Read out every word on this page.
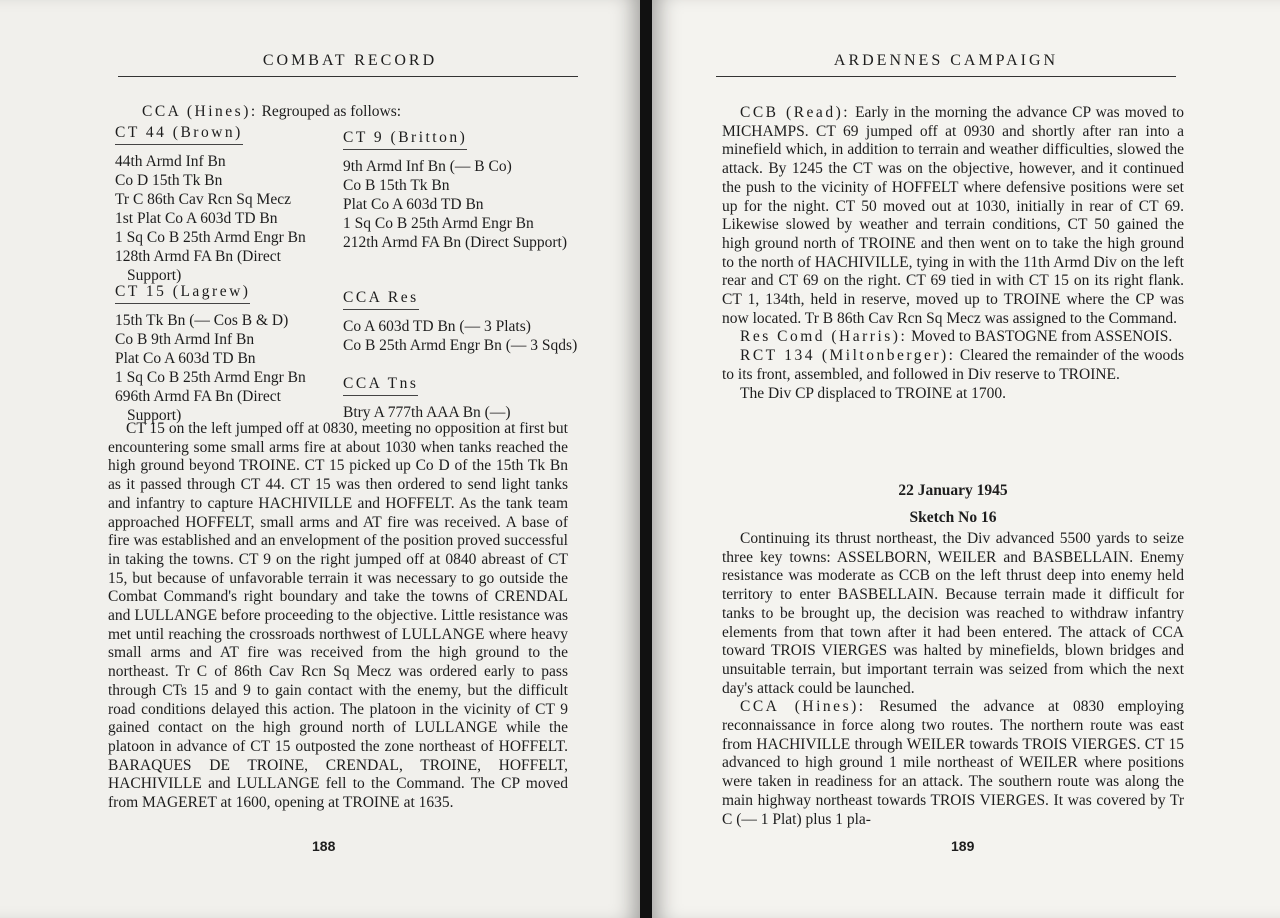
COMBAT RECORD
CCA (Hines): Regrouped as follows:
CT 44 (Brown)

44th Armd Inf Bn

Co D 15th Tk Bn

Tr C 86th Cav Rcn Sq Mecz

1st Plat Co A 603d TD Bn

1 Sq Co B 25th Armd Engr Bn

128th Armd FA Bn (Direct Support)

CT 9 (Britton)

9th Armd Inf Bn (— B Co)

Co B 15th Tk Bn

Plat Co A 603d TD Bn

1 Sq Co B 25th Armd Engr Bn

212th Armd FA Bn (Direct Support)

CT 15 (Lagrew)

15th Tk Bn (— Cos B & D)

Co B 9th Armd Inf Bn

Plat Co A 603d TD Bn

1 Sq Co B 25th Armd Engr Bn

696th Armd FA Bn (Direct Support)

CCA Res

Co A 603d TD Bn (— 3 Plats)

Co B 25th Armd Engr Bn (— 3 Sqds)

CCA Tns

Btry A 777th AAA Bn (—)

CT 15 on the left jumped off at 0830, meeting no opposition at first but encountering some small arms fire at about 1030 when tanks reached the high ground beyond TROINE. CT 15 picked up Co D of the 15th Tk Bn as it passed through CT 44. CT 15 was then ordered to send light tanks and infantry to capture HACHIVILLE and HOFFELT. As the tank team approached HOFFELT, small arms and AT fire was received. A base of fire was established and an envelopment of the position proved successful in taking the towns. CT 9 on the right jumped off at 0840 abreast of CT 15, but because of unfavorable terrain it was necessary to go outside the Combat Command's right boundary and take the towns of CRENDAL and LULLANGE before proceeding to the objective. Little resistance was met until reaching the crossroads northwest of LULLANGE where heavy small arms and AT fire was received from the high ground to the northeast. Tr C of 86th Cav Rcn Sq Mecz was ordered early to pass through CTs 15 and 9 to gain contact with the enemy, but the difficult road conditions delayed this action. The platoon in the vicinity of CT 9 gained contact on the high ground north of LULLANGE while the platoon in advance of CT 15 outposted the zone northeast of HOFFELT. BARAQUES DE TROINE, CRENDAL, TROINE, HOFFELT, HACHIVILLE and LULLANGE fell to the Command. The CP moved from MAGERET at 1600, opening at TROINE at 1635.

188
ARDENNES CAMPAIGN

CCB (Read): Early in the morning the advance CP was moved to MICHAMPS. CT 69 jumped off at 0930 and shortly after ran into a minefield which, in addition to terrain and weather difficulties, slowed the attack. By 1245 the CT was on the objective, however, and it continued the push to the vicinity of HOFFELT where defensive positions were set up for the night. CT 50 moved out at 1030, initially in rear of CT 69. Likewise slowed by weather and terrain conditions, CT 50 gained the high ground north of TROINE and then went on to take the high ground to the north of HACHIVILLE, tying in with the 11th Armd Div on the left rear and CT 69 on the right. CT 69 tied in with CT 15 on its right flank. CT 1, 134th, held in reserve, moved up to TROINE where the CP was now located. Tr B 86th Cav Rcn Sq Mecz was assigned to the Command.

Res Comd (Harris): Moved to BASTOGNE from ASSENOIS.

RCT 134 (Miltonberger): Cleared the remainder of the woods to its front, assembled, and followed in Div reserve to TROINE.

The Div CP displaced to TROINE at 1700.

22 January 1945

Sketch No 16

Continuing its thrust northeast, the Div advanced 5500 yards to seize three key towns: ASSELBORN, WEILER and BASBELLAIN. Enemy resistance was moderate as CCB on the left thrust deep into enemy held territory to enter BASBELLAIN. Because terrain made it difficult for tanks to be brought up, the decision was reached to withdraw infantry elements from that town after it had been entered. The attack of CCA toward TROIS VIERGES was halted by minefields, blown bridges and unsuitable terrain, but important terrain was seized from which the next day's attack could be launched.

CCA (Hines): Resumed the advance at 0830 employing reconnaissance in force along two routes. The northern route was east from HACHIVILLE through WEILER towards TROIS VIERGES. CT 15 advanced to high ground 1 mile northeast of WEILER where positions were taken in readiness for an attack. The southern route was along the main highway northeast towards TROIS VIERGES. It was covered by Tr C (— 1 Plat) plus 1 pla-

189
